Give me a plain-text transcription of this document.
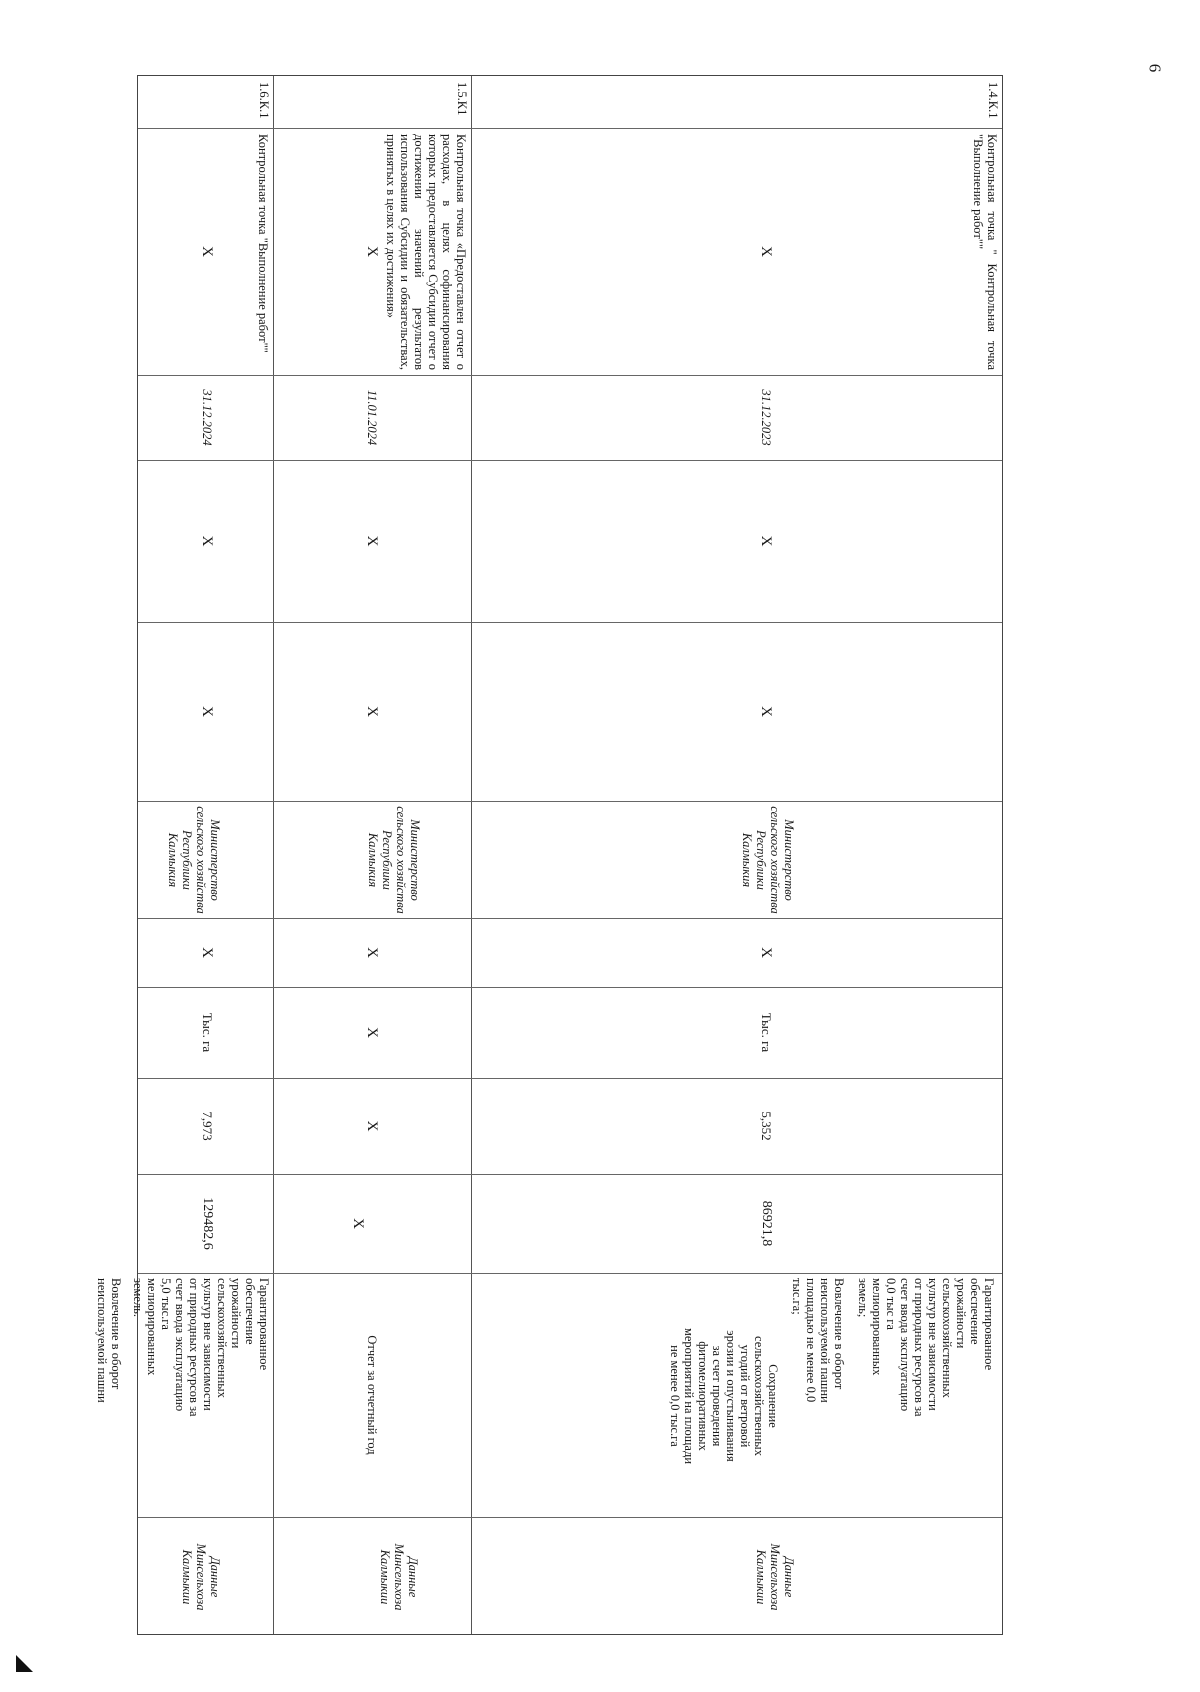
6
1.4.К.1
Контрольная точка " Контрольная точка "Выполнение работ""
X
31.12.2023
X
X
Министерство
сельского хозяйства
Республики Калмыкия
X
Тыс. га
5,352
86921,8
Гарантированное
обеспечение
урожайности
сельскохозяйственных
культур вне зависимости
от природных ресурсов за
счет ввода эксплуатацию
0,0 тыс га
мелиорированных
земель;
Вовлечение в оборот
неиспользуемой пашни
площадью не менее 0,0
тыс.га;
Сохранение
сельскохозяйственных
угодий от ветровой
эрозии и опустынивания
за счет проведения
фитомелиоративных
мероприятий на площади
не менее 0,0 тыс.га
Данные
Минсельхоза
Калмыкии
1.5.К1
Контрольная точка «Предоставлен отчет о расходах, в целях софинансирования которых предоставляется Субсидии отчет о достижении значений результатов использования Субсидии и обязательствах, принятых в целях их достижения»
X
11.01.2024
X
X
Министерство
сельского хозяйства
Республики Калмыкия
X
X
X
X
Отчет за отчетный год
Данные
Минсельхоза
Калмыкии
1.6.К.1
Контрольная точка "Выполнение работ""
X
31.12.2024
X
X
Министерство
сельского хозяйства
Республики Калмыкия
X
Тыс. га
7,973
129482,6
Гарантированное
обеспечение
урожайности
сельскохозяйственных
культур вне зависимости
от природных ресурсов за
счет ввода эксплуатацию
5,0 тыс.га
мелиорированных
земель.
Вовлечение в оборот
неиспользуемой пашни
Данные
Минсельхоза
Калмыкии
